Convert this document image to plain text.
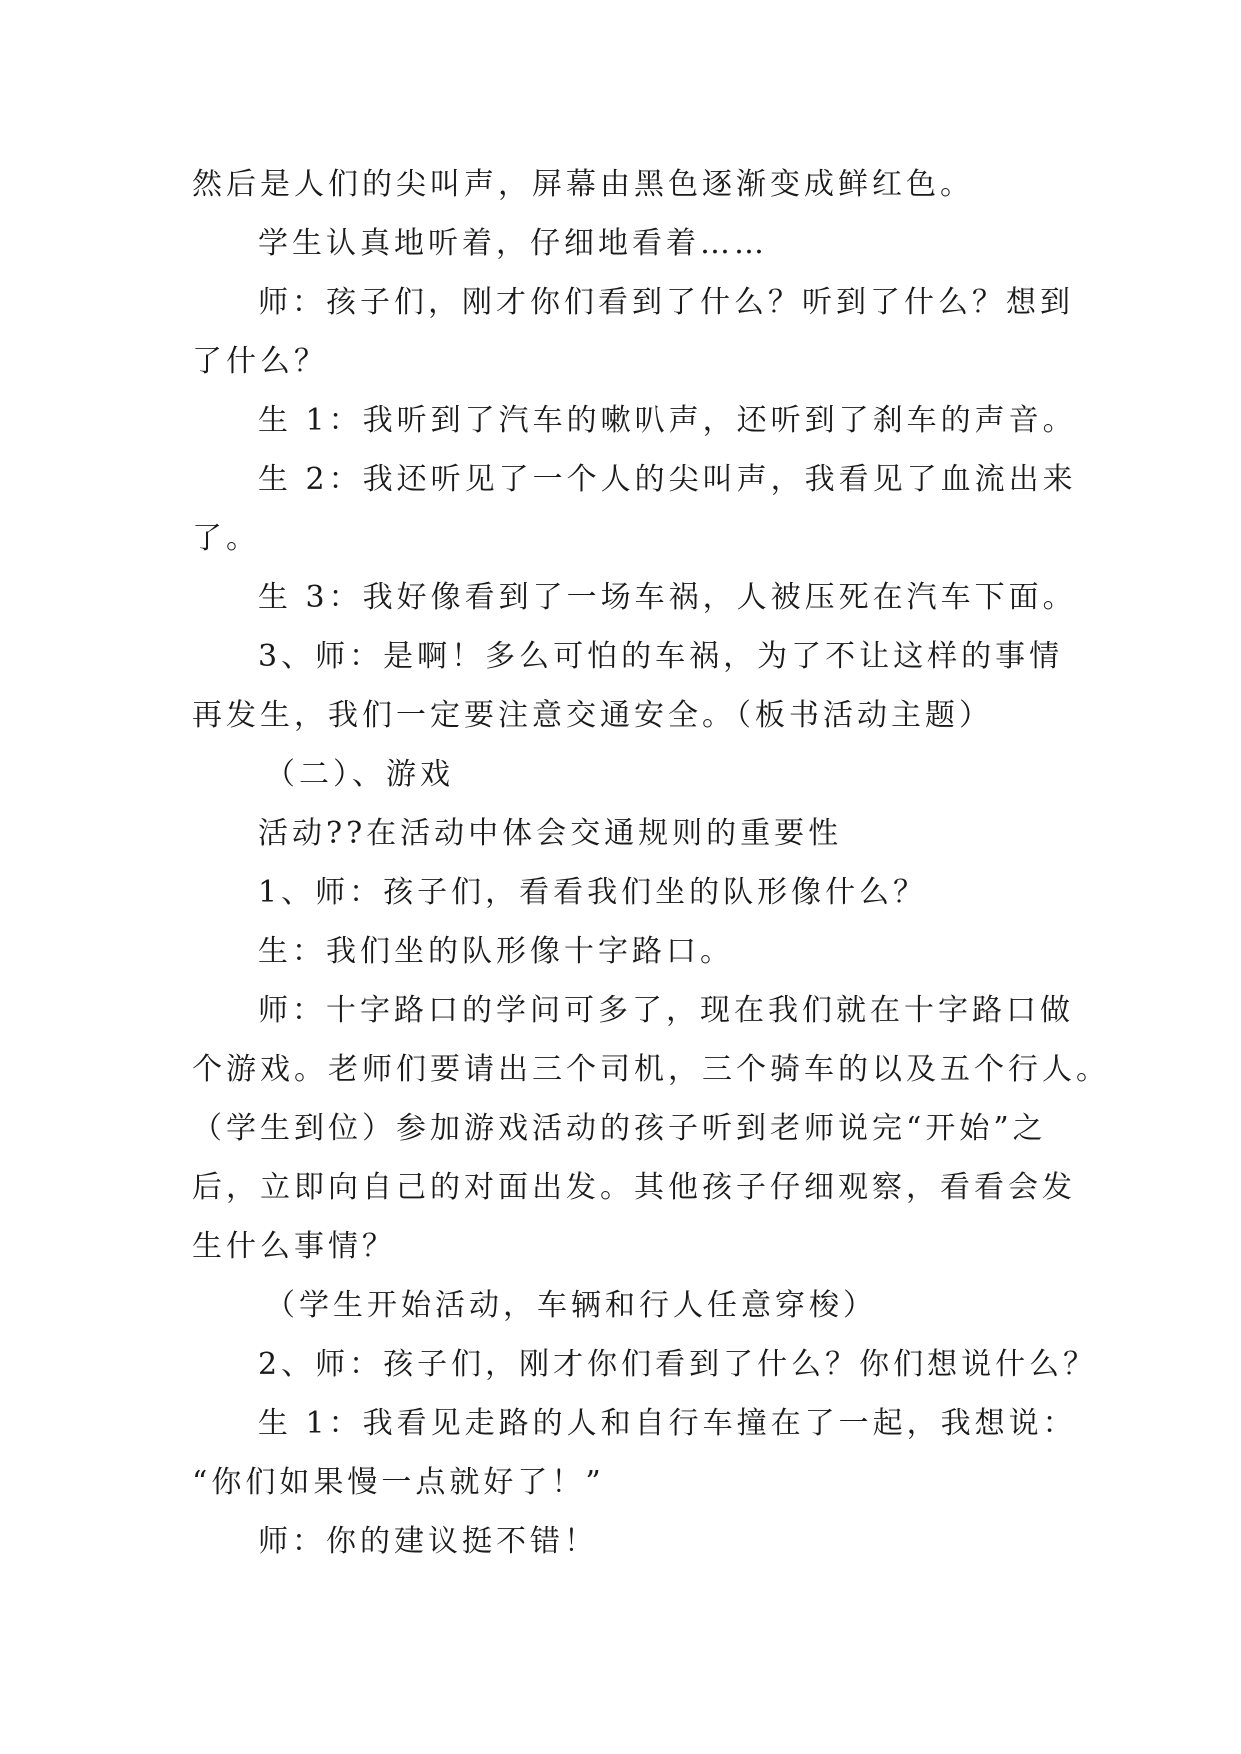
然后是人们的尖叫声，屏幕由黑色逐渐变成鲜红色。
学生认真地听着，仔细地看着……
师：孩子们，刚才你们看到了什么？听到了什么？想到
了什么？
生 1：我听到了汽车的嗽叭声，还听到了刹车的声音。
生 2：我还听见了一个人的尖叫声，我看见了血流出来
了。
生 3：我好像看到了一场车祸，人被压死在汽车下面。
3、师：是啊！多么可怕的车祸，为了不让这样的事情
再发生，我们一定要注意交通安全。（板书活动主题）
（二）、游戏
活动??在活动中体会交通规则的重要性
1、师：孩子们，看看我们坐的队形像什么？
生：我们坐的队形像十字路口。
师：十字路口的学问可多了，现在我们就在十字路口做
个游戏。老师们要请出三个司机，三个骑车的以及五个行人。
（学生到位）参加游戏活动的孩子听到老师说完“开始”之
后，立即向自己的对面出发。其他孩子仔细观察，看看会发
生什么事情？
（学生开始活动，车辆和行人任意穿梭）
2、师：孩子们，刚才你们看到了什么？你们想说什么？
生 1：我看见走路的人和自行车撞在了一起，我想说：
“你们如果慢一点就好了！”
师：你的建议挺不错！
